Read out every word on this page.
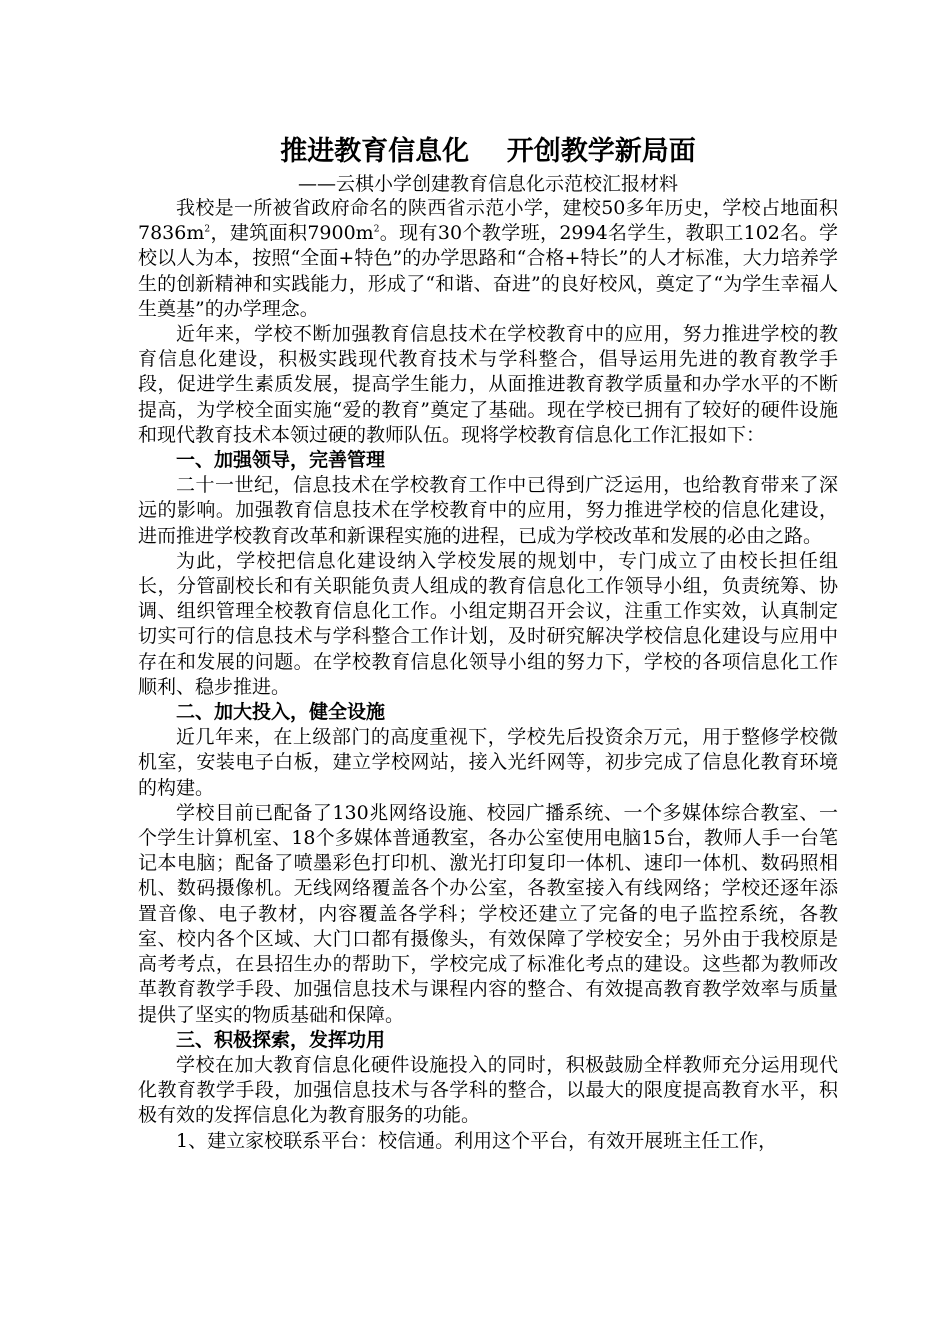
推进教育信息化    开创教学新局面

——云棋小学创建教育信息化示范校汇报材料

我校是一所被省政府命名的陕西省示范小学，建校50多年历史，学校占地面积$7836m^2$，建筑面积$7900m^2$。现有30个教学班，2994名学生，教职工102名。学校以人为本，按照“全面+特色”的办学思路和“合格+特长”的人才标准，大力培养学生的创新精神和实践能力，形成了“和谐、奋进”的良好校风，奠定了“为学生幸福人生奠基”的办学理念。

近年来，学校不断加强教育信息技术在学校教育中的应用，努力推进学校的教育信息化建设，积极实践现代教育技术与学科整合，倡导运用先进的教育教学手段，促进学生素质发展，提高学生能力，从面推进教育教学质量和办学水平的不断提高，为学校全面实施“爱的教育”奠定了基础。现在学校已拥有了较好的硬件设施和现代教育技术本领过硬的教师队伍。现将学校教育信息化工作汇报如下：

一、加强领导，完善管理

二十一世纪，信息技术在学校教育工作中已得到广泛运用，也给教育带来了深远的影响。加强教育信息技术在学校教育中的应用，努力推进学校的信息化建设，进而推进学校教育改革和新课程实施的进程，已成为学校改革和发展的必由之路。

为此，学校把信息化建设纳入学校发展的规划中，专门成立了由校长担任组长，分管副校长和有关职能负责人组成的教育信息化工作领导小组，负责统筹、协调、组织管理全校教育信息化工作。小组定期召开会议，注重工作实效，认真制定切实可行的信息技术与学科整合工作计划，及时研究解决学校信息化建设与应用中存在和发展的问题。在学校教育信息化领导小组的努力下，学校的各项信息化工作顺利、稳步推进。

二、加大投入，健全设施

近几年来，在上级部门的高度重视下，学校先后投资余万元，用于整修学校微机室，安装电子白板，建立学校网站，接入光纤网等，初步完成了信息化教育环境的构建。

学校目前已配备了130兆网络设施、校园广播系统、一个多媒体综合教室、一个学生计算机室、18个多媒体普通教室，各办公室使用电脑15台，教师人手一台笔记本电脑；配备了喷墨彩色打印机、激光打印复印一体机、速印一体机、数码照相机、数码摄像机。无线网络覆盖各个办公室，各教室接入有线网络；学校还逐年添置音像、电子教材，内容覆盖各学科；学校还建立了完备的电子监控系统，各教室、校内各个区域、大门口都有摄像头，有效保障了学校安全；另外由于我校原是高考考点，在县招生办的帮助下，学校完成了标准化考点的建设。这些都为教师改革教育教学手段、加强信息技术与课程内容的整合、有效提高教育教学效率与质量提供了坚实的物质基础和保障。

三、积极探索，发挥功用

学校在加大教育信息化硬件设施投入的同时，积极鼓励全样教师充分运用现代化教育教学手段，加强信息技术与各学科的整合，以最大的限度提高教育水平，积极有效的发挥信息化为教育服务的功能。

1、建立家校联系平台：校信通。利用这个平台，有效开展班主任工作，
